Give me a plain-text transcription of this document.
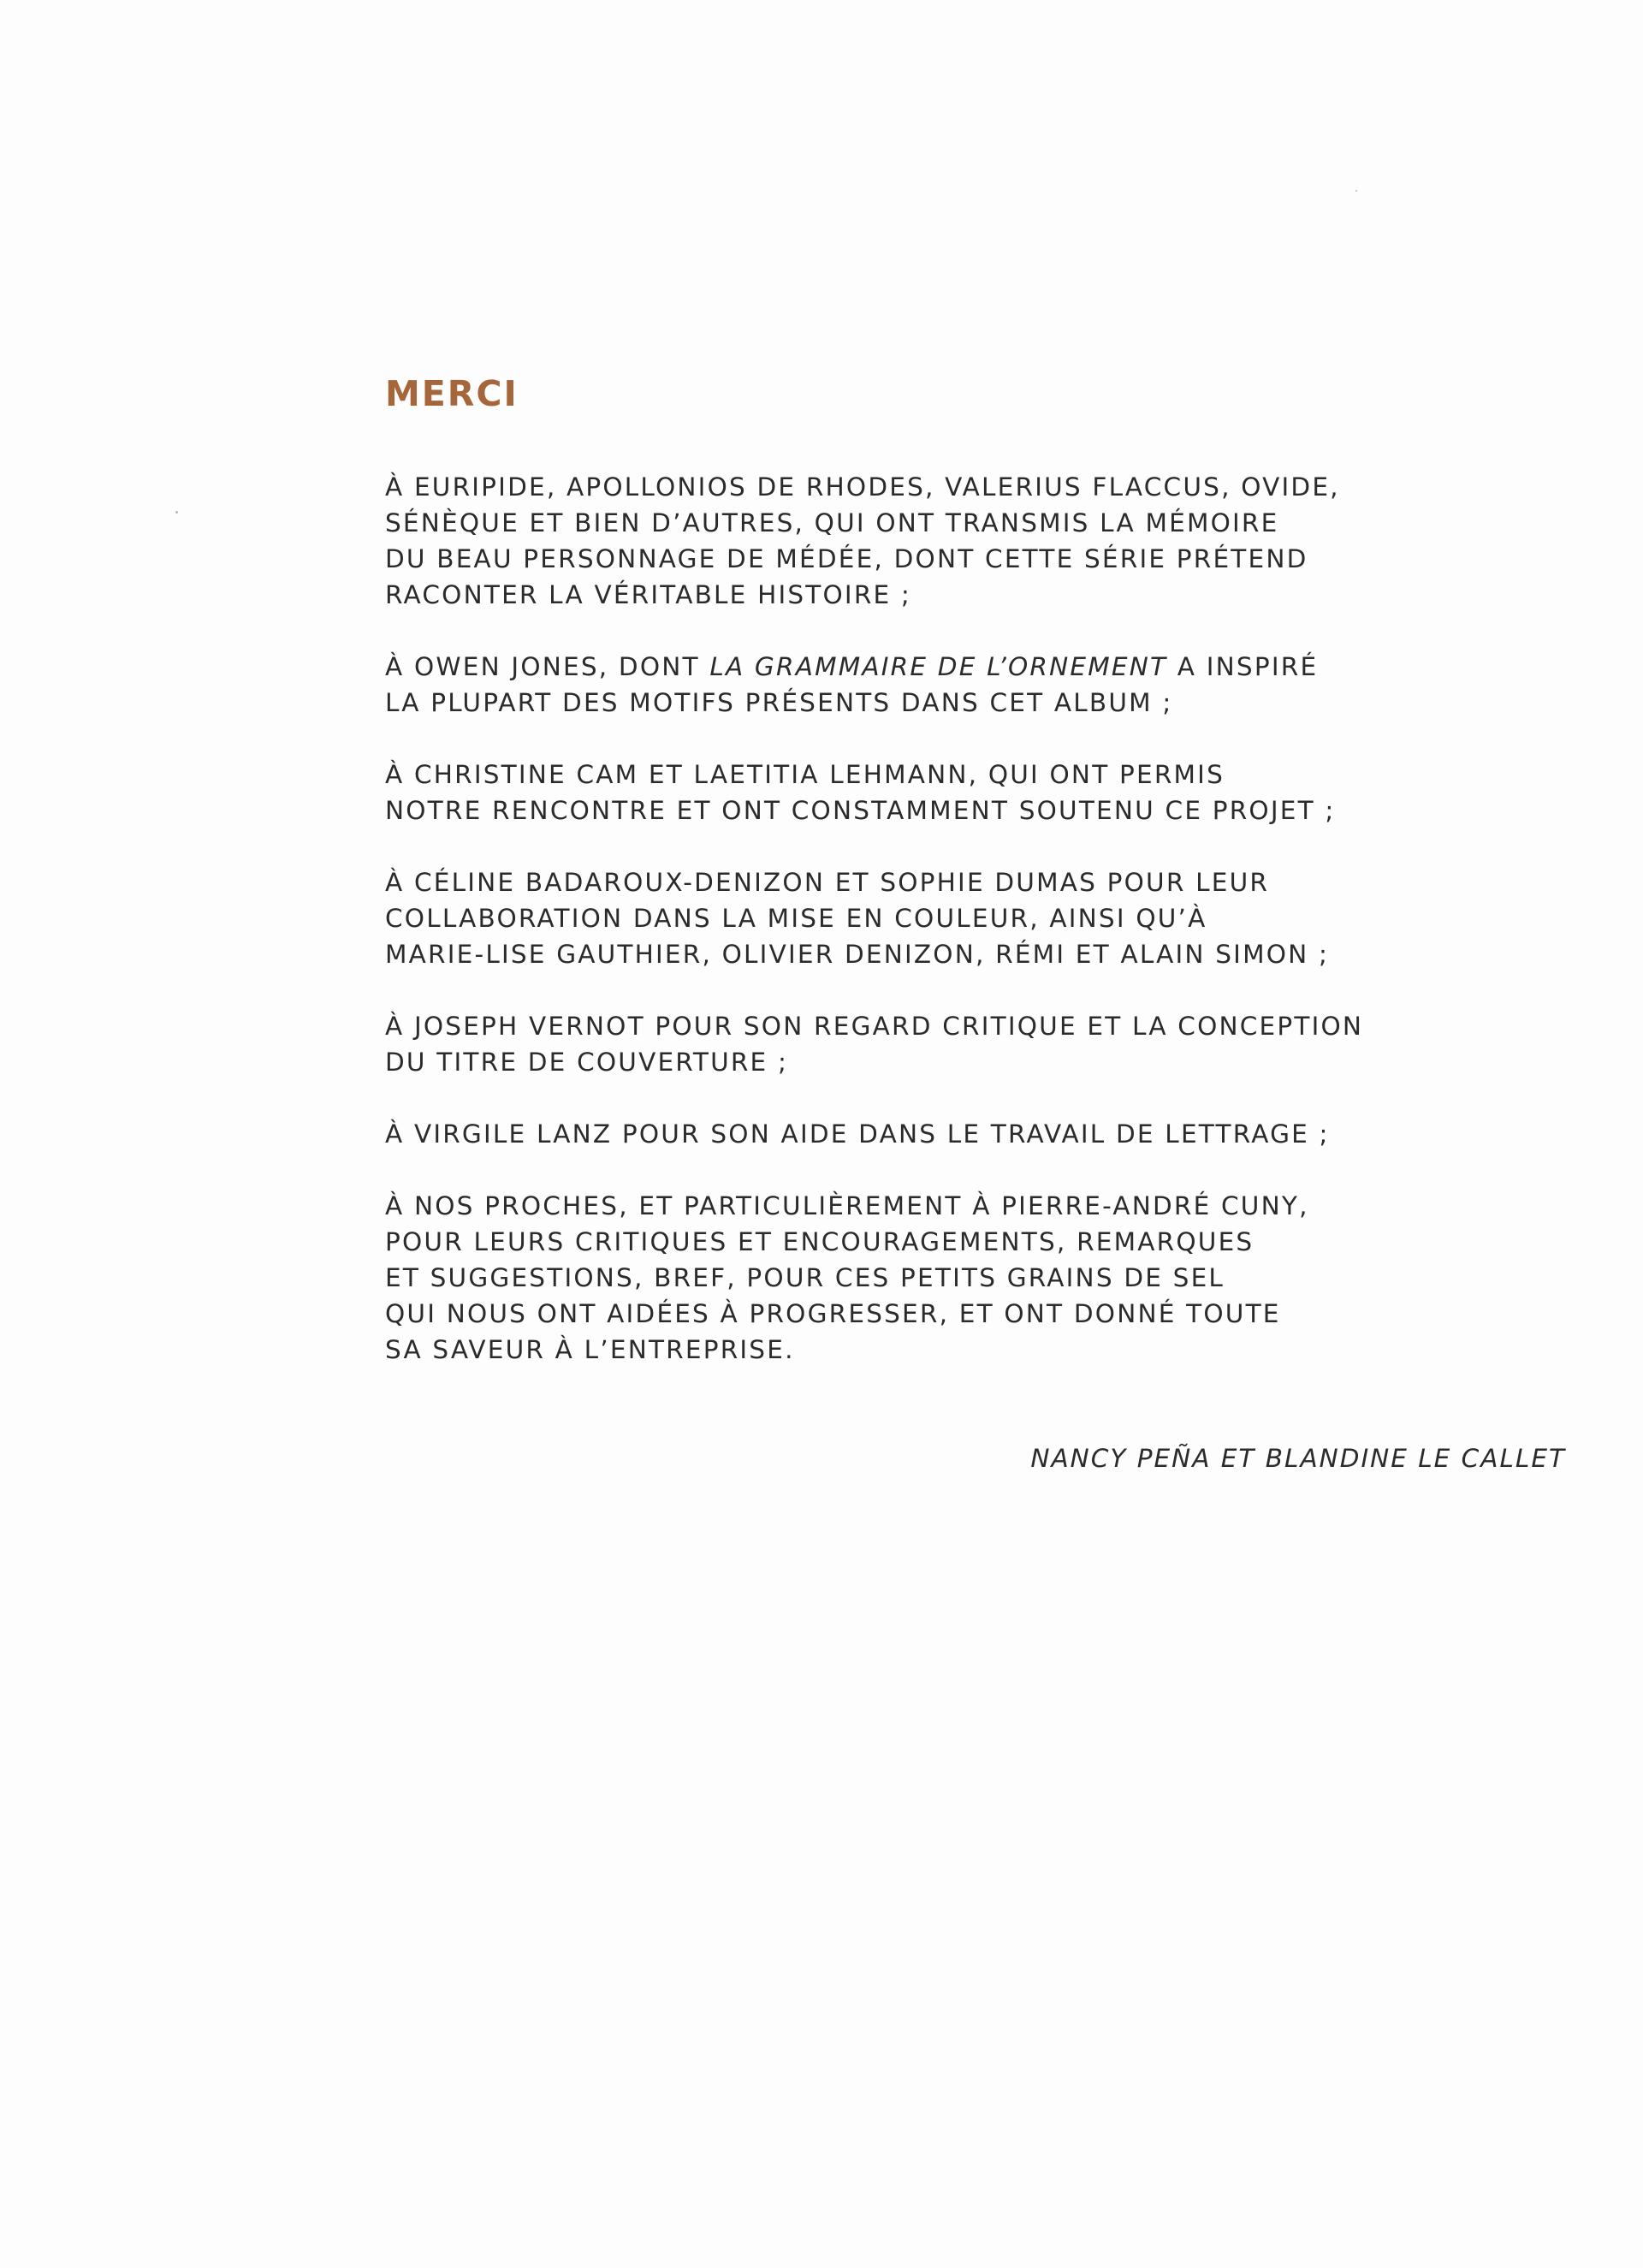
MERCI

À EURIPIDE, APOLLONIOS DE RHODES, VALERIUS FLACCUS, OVIDE,
SÉNÈQUE ET BIEN D’AUTRES, QUI ONT TRANSMIS LA MÉMOIRE
DU BEAU PERSONNAGE DE MÉDÉE, DONT CETTE SÉRIE PRÉTEND
RACONTER LA VÉRITABLE HISTOIRE ;

À OWEN JONES, DONT LA GRAMMAIRE DE L’ORNEMENT A INSPIRÉ
LA PLUPART DES MOTIFS PRÉSENTS DANS CET ALBUM ;

À CHRISTINE CAM ET LAETITIA LEHMANN, QUI ONT PERMIS
NOTRE RENCONTRE ET ONT CONSTAMMENT SOUTENU CE PROJET ;

À CÉLINE BADAROUX-DENIZON ET SOPHIE DUMAS POUR LEUR
COLLABORATION DANS LA MISE EN COULEUR, AINSI QU’À
MARIE-LISE GAUTHIER, OLIVIER DENIZON, RÉMI ET ALAIN SIMON ;

À JOSEPH VERNOT POUR SON REGARD CRITIQUE ET LA CONCEPTION
DU TITRE DE COUVERTURE ;

À VIRGILE LANZ POUR SON AIDE DANS LE TRAVAIL DE LETTRAGE ;

À NOS PROCHES, ET PARTICULIÈREMENT À PIERRE-ANDRÉ CUNY,
POUR LEURS CRITIQUES ET ENCOURAGEMENTS, REMARQUES
ET SUGGESTIONS, BREF, POUR CES PETITS GRAINS DE SEL
QUI NOUS ONT AIDÉES À PROGRESSER, ET ONT DONNÉ TOUTE
SA SAVEUR À L’ENTREPRISE.

NANCY PEÑA ET BLANDINE LE CALLET
